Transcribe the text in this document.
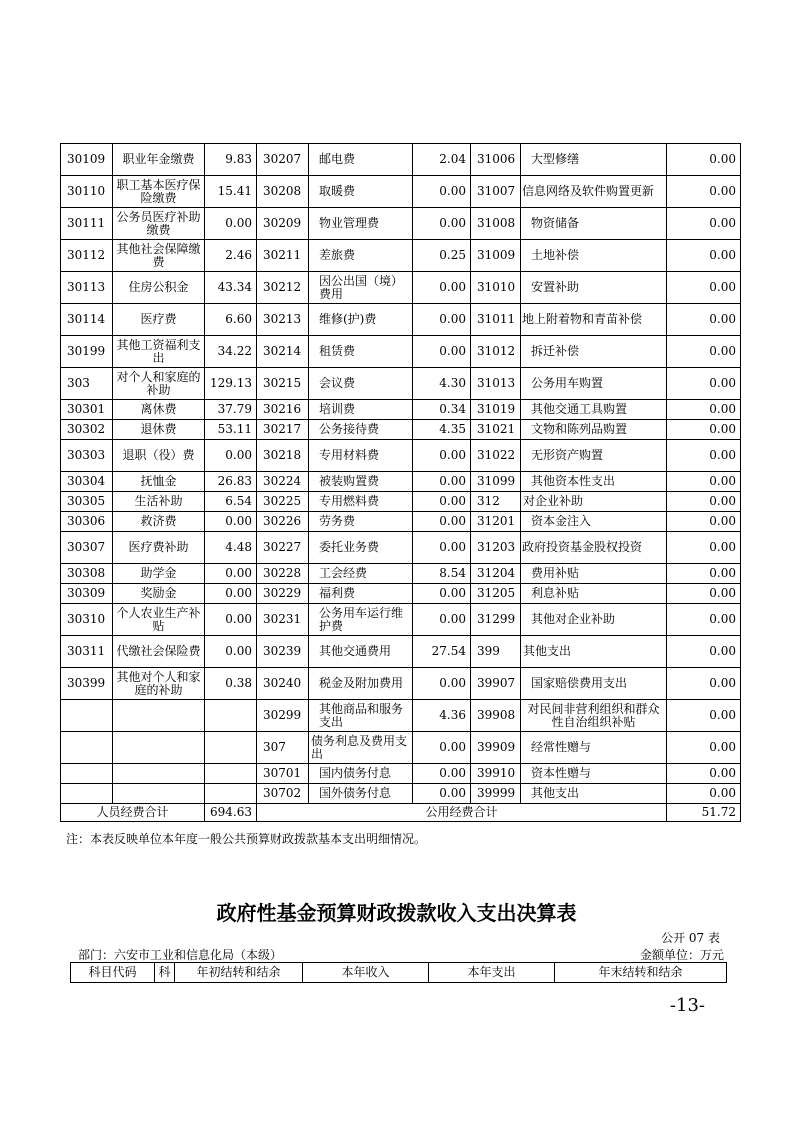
30109	职业年金缴费	9.83	30207	邮电费	2.04	31006	大型修缮	0.00
30110	职工基本医疗保险缴费	15.41	30208	取暖费	0.00	31007	信息网络及软件购置更新	0.00
30111	公务员医疗补助缴费	0.00	30209	物业管理费	0.00	31008	物资储备	0.00
30112	其他社会保障缴费	2.46	30211	差旅费	0.25	31009	土地补偿	0.00
30113	住房公积金	43.34	30212	因公出国（境）费用	0.00	31010	安置补助	0.00
30114	医疗费	6.60	30213	维修(护)费	0.00	31011	地上附着物和青苗补偿	0.00
30199	其他工资福利支出	34.22	30214	租赁费	0.00	31012	拆迁补偿	0.00
303	对个人和家庭的补助	129.13	30215	会议费	4.30	31013	公务用车购置	0.00
30301	离休费	37.79	30216	培训费	0.34	31019	其他交通工具购置	0.00
30302	退休费	53.11	30217	公务接待费	4.35	31021	文物和陈列品购置	0.00
30303	退职（役）费	0.00	30218	专用材料费	0.00	31022	无形资产购置	0.00
30304	抚恤金	26.83	30224	被装购置费	0.00	31099	其他资本性支出	0.00
30305	生活补助	6.54	30225	专用燃料费	0.00	312	对企业补助	0.00
30306	救济费	0.00	30226	劳务费	0.00	31201	资本金注入	0.00
30307	医疗费补助	4.48	30227	委托业务费	0.00	31203	政府投资基金股权投资	0.00
30308	助学金	0.00	30228	工会经费	8.54	31204	费用补贴	0.00
30309	奖励金	0.00	30229	福利费	0.00	31205	利息补贴	0.00
30310	个人农业生产补贴	0.00	30231	公务用车运行维护费	0.00	31299	其他对企业补助	0.00
30311	代缴社会保险费	0.00	30239	其他交通费用	27.54	399	其他支出	0.00
30399	其他对个人和家庭的补助	0.38	30240	税金及附加费用	0.00	39907	国家赔偿费用支出	0.00
			30299	其他商品和服务支出	4.36	39908	对民间非营利组织和群众性自治组织补贴	0.00
			307	债务利息及费用支出	0.00	39909	经常性赠与	0.00
			30701	国内债务付息	0.00	39910	资本性赠与	0.00
			30702	国外债务付息	0.00	39999	其他支出	0.00
人员经费合计		694.63	公用经费合计					51.72
注：本表反映单位本年度一般公共预算财政拨款基本支出明细情况。
政府性基金预算财政拨款收入支出决算表
公开 07 表
部门：六安市工业和信息化局（本级）	金额单位：万元
科目代码	科	年初结转和结余	本年收入	本年支出	年末结转和结余
-13-
